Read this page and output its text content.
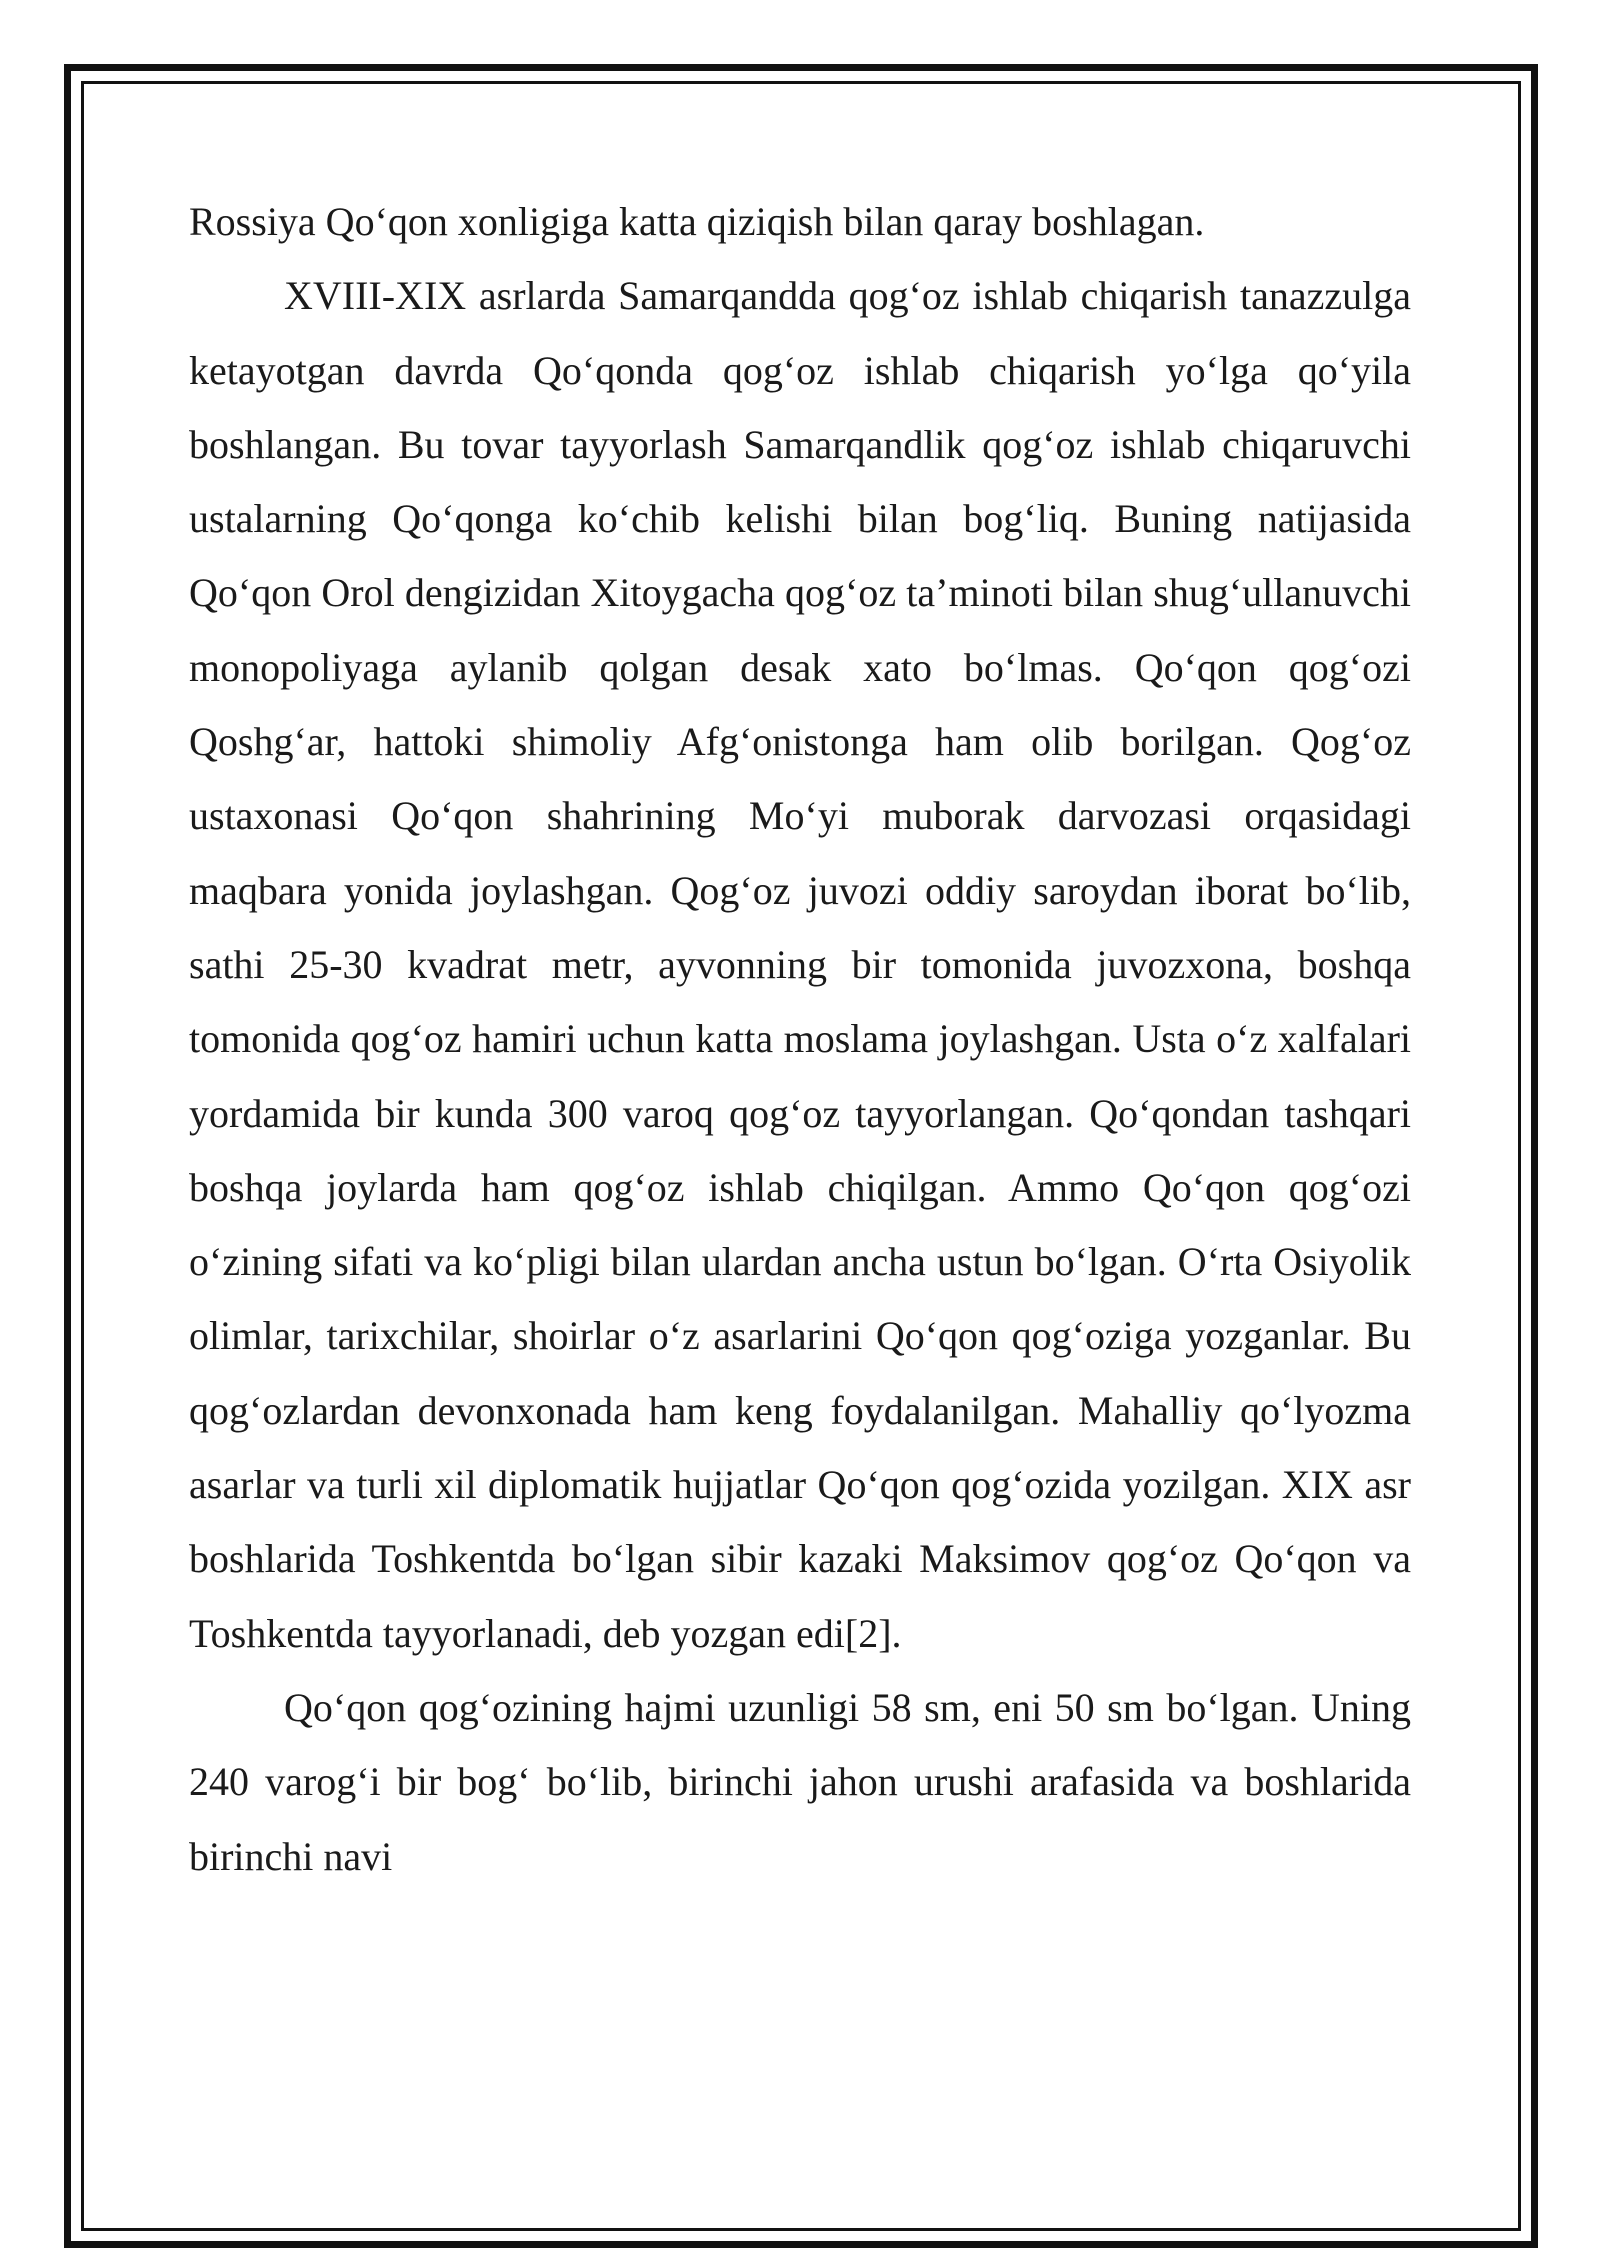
Rossiya Qo‘qon xonligiga katta qiziqish bilan qaray boshlagan.

XVIII-XIX asrlarda Samarqandda qog‘oz ishlab chiqarish tanazzulga ketayotgan davrda Qo‘qonda qog‘oz ishlab chiqarish yo‘lga qo‘yila boshlangan. Bu tovar tayyorlash Samarqandlik qog‘oz ishlab chiqaruvchi ustalarning Qo‘qonga ko‘chib kelishi bilan bog‘liq. Buning natijasida Qo‘qon Orol dengizidan Xitoygacha qog‘oz ta’minoti bilan shug‘ullanuvchi monopoliyaga aylanib qolgan desak xato bo‘lmas. Qo‘qon qog‘ozi Qoshg‘ar, hattoki shimoliy Afg‘onistonga ham olib borilgan. Qog‘oz ustaxonasi Qo‘qon shahrining Mo‘yi muborak darvozasi orqasidagi maqbara yonida joylashgan. Qog‘oz juvozi oddiy saroydan iborat bo‘lib, sathi 25-30 kvadrat metr, ayvonning bir tomonida juvozxona, boshqa tomonida qog‘oz hamiri uchun katta moslama joylashgan. Usta o‘z xalfalari yordamida bir kunda 300 varoq qog‘oz tayyorlangan. Qo‘qondan tashqari boshqa joylarda ham qog‘oz ishlab chiqilgan. Ammo Qo‘qon qog‘ozi o‘zining sifati va ko‘pligi bilan ulardan ancha ustun bo‘lgan. O‘rta Osiyolik olimlar, tarixchilar, shoirlar o‘z asarlarini Qo‘qon qog‘oziga yozganlar. Bu qog‘ozlardan devonxonada ham keng foydalanilgan. Mahalliy qo‘lyozma asarlar va turli xil diplomatik hujjatlar Qo‘qon qog‘ozida yozilgan. XIX asr boshlarida Toshkentda bo‘lgan sibir kazaki Maksimov qog‘oz Qo‘qon va Toshkentda tayyorlanadi, deb yozgan edi[2].

Qo‘qon qog‘ozining hajmi uzunligi 58 sm, eni 50 sm bo‘lgan. Uning 240 varog‘i bir bog‘ bo‘lib, birinchi jahon urushi arafasida va boshlarida birinchi navi
